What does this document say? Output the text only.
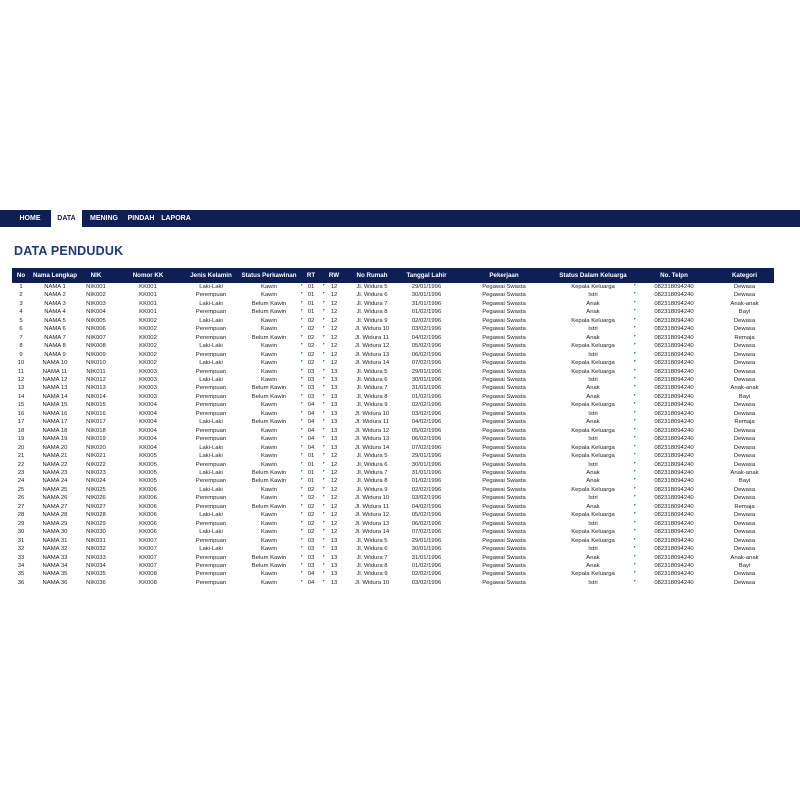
HOME	DATA	MENING	PINDAH LAPORA
DATA PENDUDUK
No	Nama Lengkap	NIK	Nomor KK	Jenis Kelamin	Status Perkawinan	RT	RW	No Rumah	Tanggal Lahir	Pekerjaan	Status Dalam Keluarga	No. Telpn	Kategori
1	NAMA 1	NIK001	KK001	Laki-Laki	Kawin	01	12	Jl. Widura 5	29/01/1996	Pegawai Swasta	Kepala Keluarga	082318094240	Dewasa
2	NAMA 2	NIK002	KK001	Perempuan	Kawin	01	12	Jl. Widura 6	30/01/1996	Pegawai Swasta	Istri	082318094240	Dewasa
3	NAMA 3	NIK003	KK001	Laki-Laki	Belum Kawin	01	12	Jl. Widura 7	31/01/1996	Pegawai Swasta	Anak	082318094240	Anak-anak
4	NAMA 4	NIK004	KK001	Perempuan	Belum Kawin	01	12	Jl. Widura 8	01/02/1996	Pegawai Swasta	Anak	082318094240	Bayi
5	NAMA 5	NIK005	KK002	Laki-Laki	Kawin	02	12	Jl. Widura 9	02/02/1996	Pegawai Swasta	Kepala Keluarga	082318094240	Dewasa
6	NAMA 6	NIK006	KK002	Perempuan	Kawin	02	12	Jl. Widura 10	03/02/1996	Pegawai Swasta	Istri	082318094240	Dewasa
7	NAMA 7	NIK007	KK002	Perempuan	Belum Kawin	02	12	Jl. Widura 11	04/02/1996	Pegawai Swasta	Anak	082318094240	Remaja
8	NAMA 8	NIK008	KK002	Laki-Laki	Kawin	02	12	Jl. Widura 12	05/02/1996	Pegawai Swasta	Kepala Keluarga	082318094240	Dewasa
9	NAMA 9	NIK009	KK002	Perempuan	Kawin	02	12	Jl. Widura 13	06/02/1996	Pegawai Swasta	Istri	082318094240	Dewasa
10	NAMA 10	NIK010	KK002	Laki-Laki	Kawin	02	12	Jl. Widura 14	07/02/1996	Pegawai Swasta	Kepala Keluarga	082318094240	Dewasa
11	NAMA 11	NIK011	KK003	Perempuan	Kawin	03	13	Jl. Widura 5	29/01/1996	Pegawai Swasta	Kepala Keluarga	082318094240	Dewasa
12	NAMA 12	NIK012	KK003	Laki-Laki	Kawin	03	13	Jl. Widura 6	30/01/1996	Pegawai Swasta	Istri	082318094240	Dewasa
13	NAMA 13	NIK013	KK003	Perempuan	Belum Kawin	03	13	Jl. Widura 7	31/01/1996	Pegawai Swasta	Anak	082318094240	Anak-anak
14	NAMA 14	NIK014	KK003	Perempuan	Belum Kawin	03	13	Jl. Widura 8	01/02/1996	Pegawai Swasta	Anak	082318094240	Bayi
15	NAMA 15	NIK015	KK004	Perempuan	Kawin	04	13	Jl. Widura 9	02/02/1996	Pegawai Swasta	Kepala Keluarga	082318094240	Dewasa
16	NAMA 16	NIK016	KK004	Perempuan	Kawin	04	13	Jl. Widura 10	03/02/1996	Pegawai Swasta	Istri	082318094240	Dewasa
17	NAMA 17	NIK017	KK004	Laki-Laki	Belum Kawin	04	13	Jl. Widura 11	04/02/1996	Pegawai Swasta	Anak	082318094240	Remaja
18	NAMA 18	NIK018	KK004	Perempuan	Kawin	04	13	Jl. Widura 12	05/02/1996	Pegawai Swasta	Kepala Keluarga	082318094240	Dewasa
19	NAMA 19	NIK019	KK004	Perempuan	Kawin	04	13	Jl. Widura 13	06/02/1996	Pegawai Swasta	Istri	082318094240	Dewasa
20	NAMA 20	NIK020	KK004	Laki-Laki	Kawin	04	13	Jl. Widura 14	07/02/1996	Pegawai Swasta	Kepala Keluarga	082318094240	Dewasa
21	NAMA 21	NIK021	KK005	Laki-Laki	Kawin	01	12	Jl. Widura 5	29/01/1996	Pegawai Swasta	Kepala Keluarga	082318094240	Dewasa
22	NAMA 22	NIK022	KK005	Perempuan	Kawin	01	12	Jl. Widura 6	30/01/1996	Pegawai Swasta	Istri	082318094240	Dewasa
23	NAMA 23	NIK023	KK005	Laki-Laki	Belum Kawin	01	12	Jl. Widura 7	31/01/1996	Pegawai Swasta	Anak	082318094240	Anak-anak
24	NAMA 24	NIK024	KK005	Perempuan	Belum Kawin	01	12	Jl. Widura 8	01/02/1996	Pegawai Swasta	Anak	082318094240	Bayi
25	NAMA 25	NIK025	KK006	Laki-Laki	Kawin	02	12	Jl. Widura 9	02/02/1996	Pegawai Swasta	Kepala Keluarga	082318094240	Dewasa
26	NAMA 26	NIK026	KK006	Perempuan	Kawin	02	12	Jl. Widura 10	03/02/1996	Pegawai Swasta	Istri	082318094240	Dewasa
27	NAMA 27	NIK027	KK006	Perempuan	Belum Kawin	02	12	Jl. Widura 11	04/02/1996	Pegawai Swasta	Anak	082318094240	Remaja
28	NAMA 28	NIK028	KK006	Laki-Laki	Kawin	02	12	Jl. Widura 12	05/02/1996	Pegawai Swasta	Kepala Keluarga	082318094240	Dewasa
29	NAMA 29	NIK029	KK006	Perempuan	Kawin	02	12	Jl. Widura 13	06/02/1996	Pegawai Swasta	Istri	082318094240	Dewasa
30	NAMA 30	NIK030	KK006	Laki-Laki	Kawin	02	12	Jl. Widura 14	07/02/1996	Pegawai Swasta	Kepala Keluarga	082318094240	Dewasa
31	NAMA 31	NIK031	KK007	Perempuan	Kawin	03	13	Jl. Widura 5	29/01/1996	Pegawai Swasta	Kepala Keluarga	082318094240	Dewasa
32	NAMA 32	NIK032	KK007	Laki-Laki	Kawin	03	13	Jl. Widura 6	30/01/1996	Pegawai Swasta	Istri	082318094240	Dewasa
33	NAMA 33	NIK033	KK007	Perempuan	Belum Kawin	03	13	Jl. Widura 7	31/01/1996	Pegawai Swasta	Anak	082318094240	Anak-anak
34	NAMA 34	NIK034	KK007	Perempuan	Belum Kawin	03	13	Jl. Widura 8	01/02/1996	Pegawai Swasta	Anak	082318094240	Bayi
35	NAMA 35	NIK035	KK008	Perempuan	Kawin	04	13	Jl. Widura 9	02/02/1996	Pegawai Swasta	Kepala Keluarga	082318094240	Dewasa
36	NAMA 36	NIK036	KK008	Perempuan	Kawin	04	13	Jl. Widura 10	03/02/1996	Pegawai Swasta	Istri	082318094240	Dewasa
